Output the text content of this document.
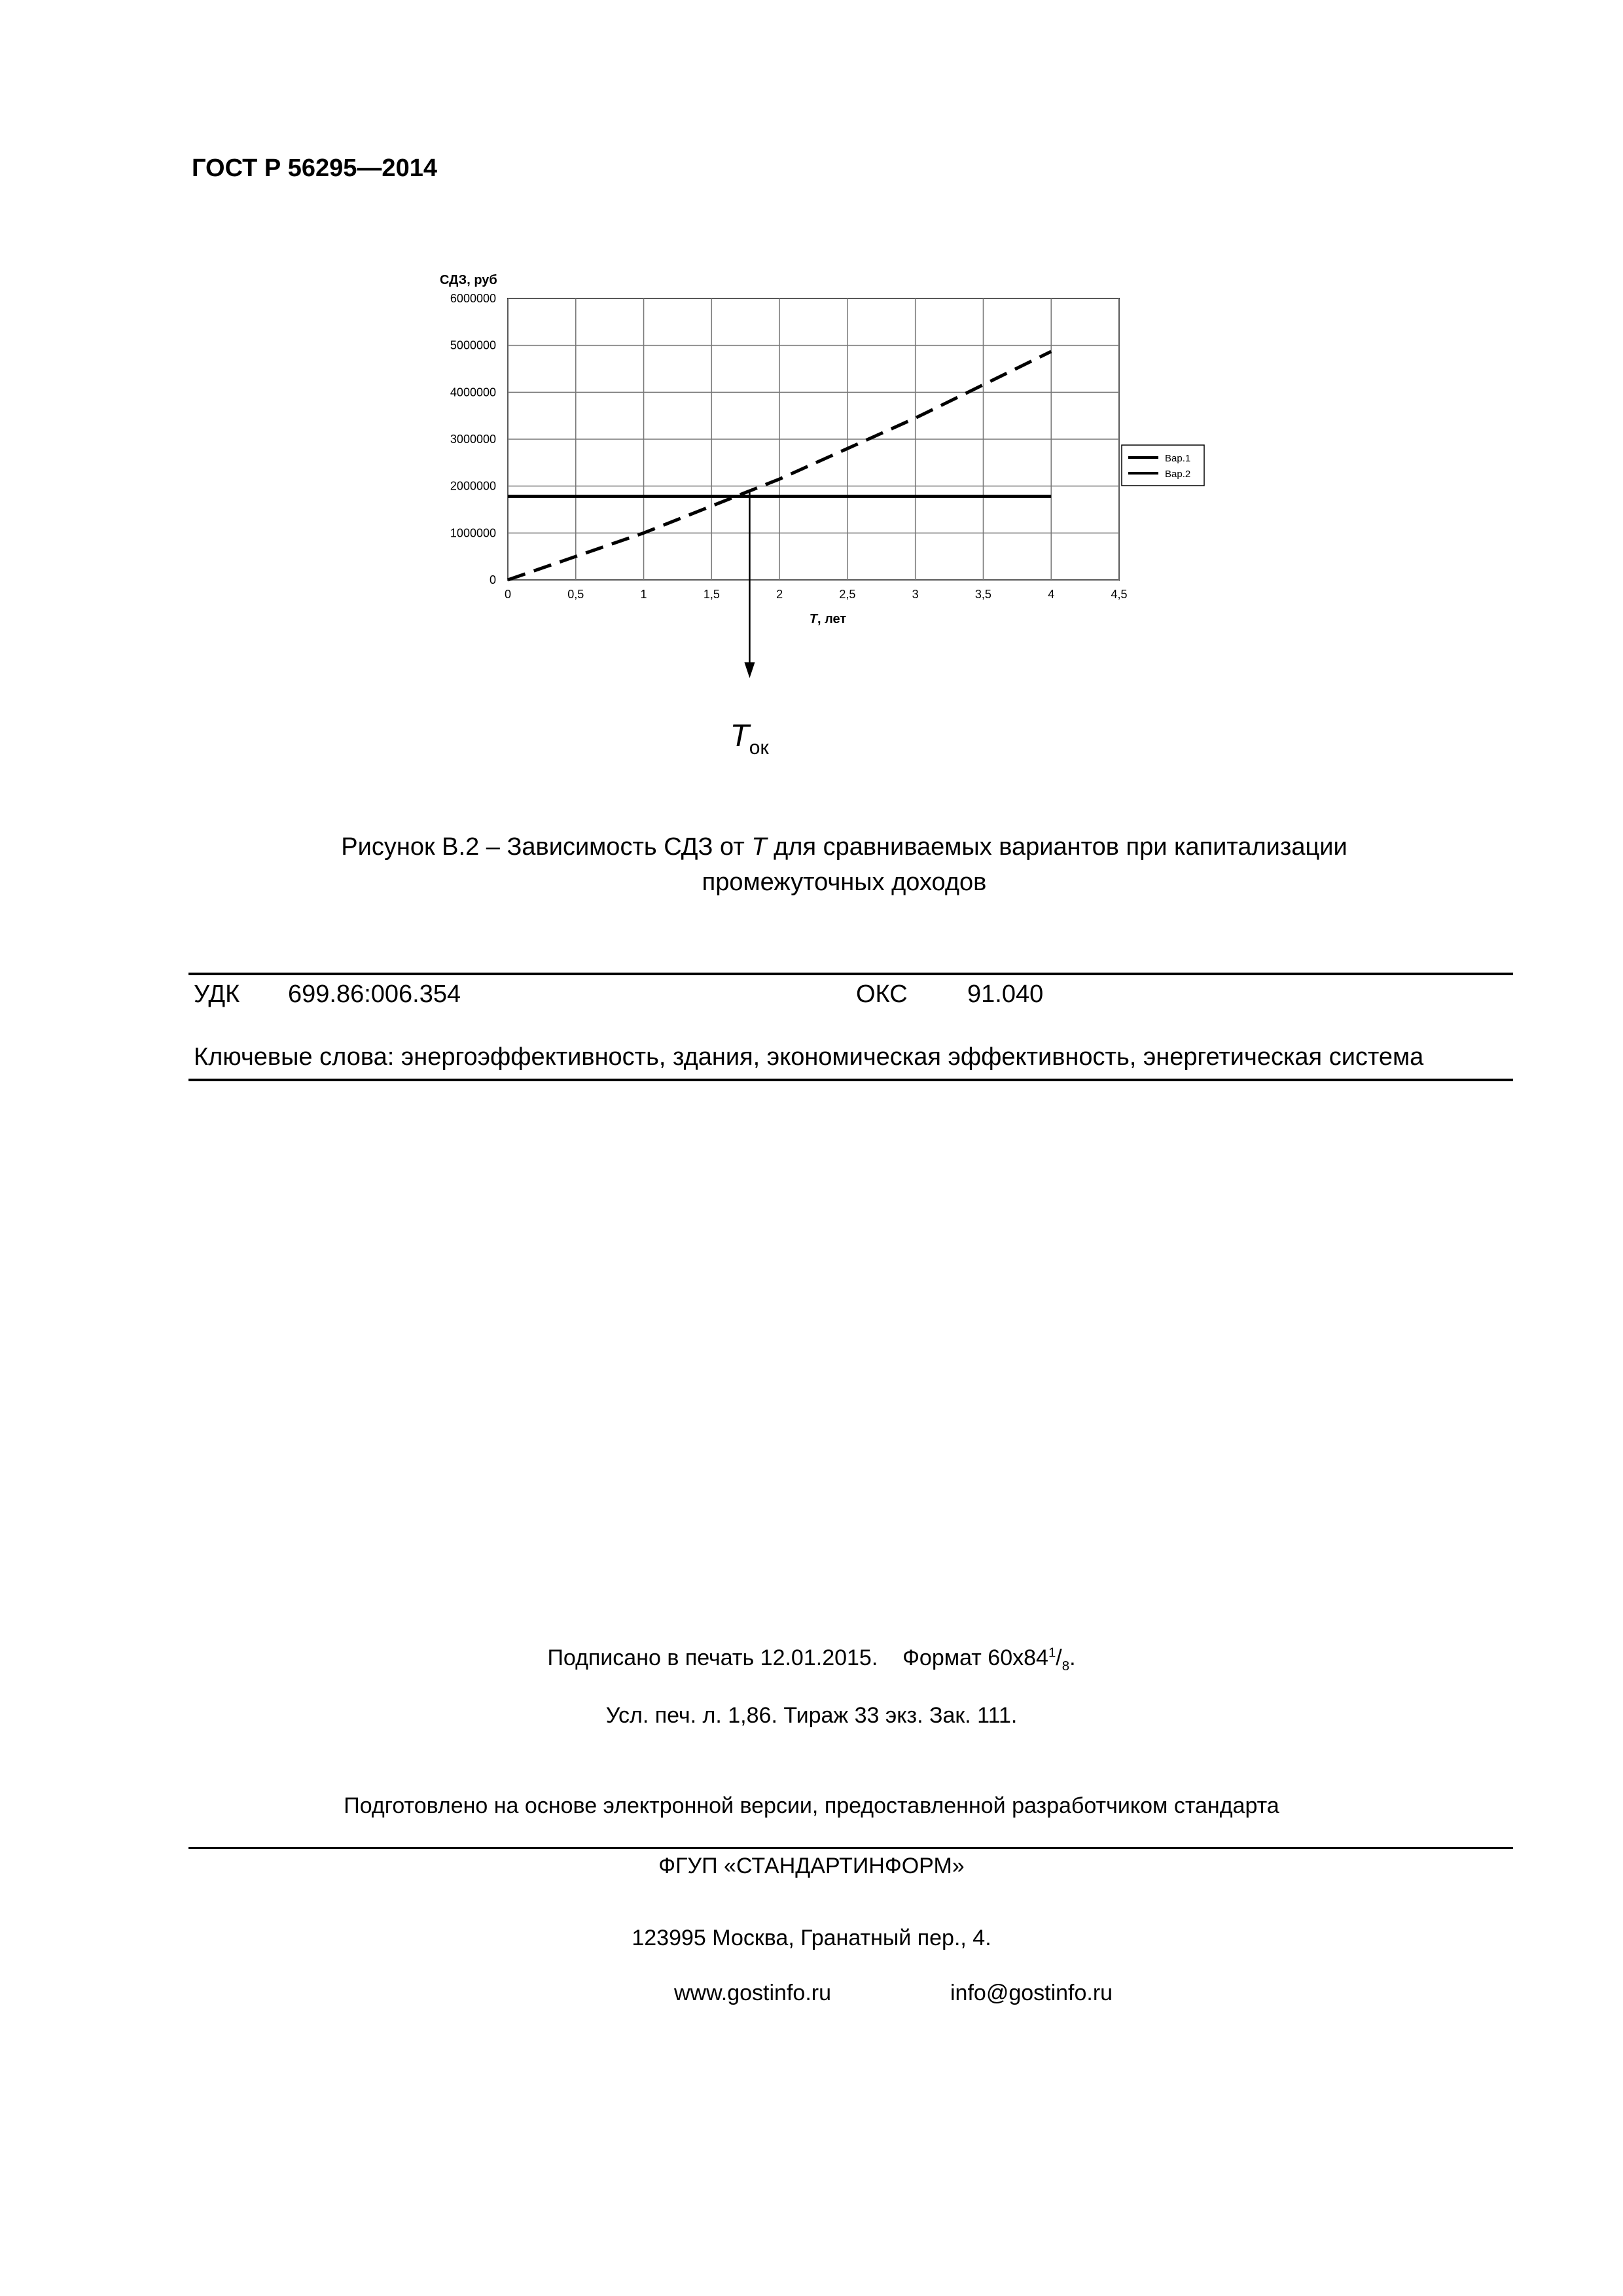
ГОСТ Р 56295—2014
СДЗ, руб
6000000
5000000
4000000
3000000
2000000
1000000
0
0	0,5	1	1,5	2	2,5	3	3,5	4	4,5
T, лет
Вар.1
Вар.2
$T_{ок}$
Рисунок В.2 – Зависимость СДЗ от T для сравниваемых вариантов при капитализации
промежуточных доходов
УДК 699.86:006.354	ОКС 91.040
Ключевые слова: энергоэффективность, здания, экономическая эффективность, энергетическая система
Подписано в печать 12.01.2015. Формат $60x84^1/_8$.
Усл. печ. л. 1,86. Тираж 33 экз. Зак. 111.
Подготовлено на основе электронной версии, предоставленной разработчиком стандарта
ФГУП «СТАНДАРТИНФОРМ»
123995 Москва, Гранатный пер., 4.
www.gostinfo.ru	info@gostinfo.ru
